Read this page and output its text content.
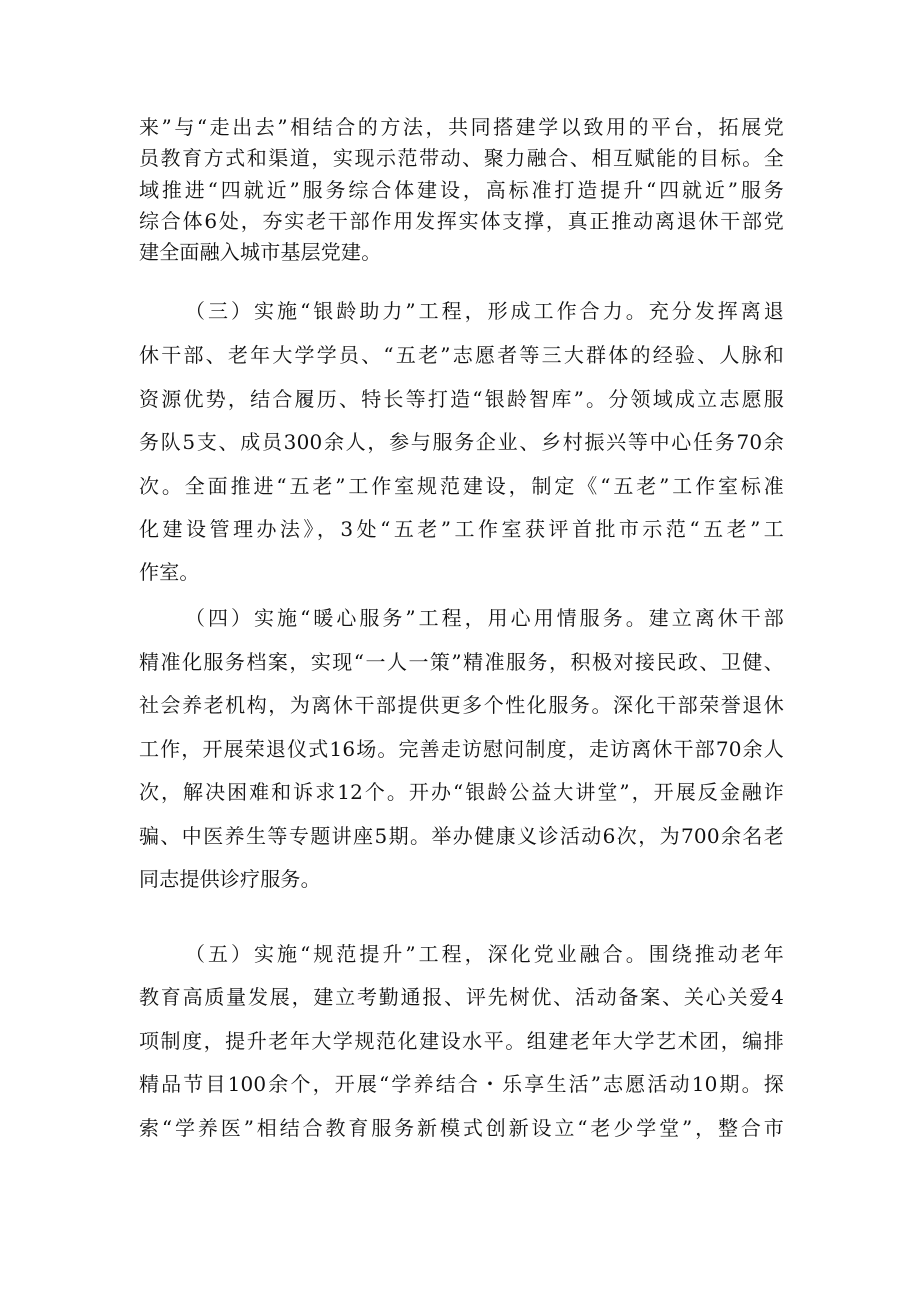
来”与“走出去”相结合的方法，共同搭建学以致用的平台，拓展党
员教育方式和渠道，实现示范带动、聚力融合、相互赋能的目标。全
域推进“四就近”服务综合体建设，高标准打造提升“四就近”服务
综合体6处，夯实老干部作用发挥实体支撑，真正推动离退休干部党
建全面融入城市基层党建。
（三）实施“银龄助力”工程，形成工作合力。充分发挥离退
休干部、老年大学学员、“五老”志愿者等三大群体的经验、人脉和
资源优势，结合履历、特长等打造“银龄智库”。分领域成立志愿服
务队5支、成员300余人，参与服务企业、乡村振兴等中心任务70余
次。全面推进“五老”工作室规范建设，制定《“五老”工作室标准
化建设管理办法》，3处“五老”工作室获评首批市示范“五老”工
作室。
（四）实施“暖心服务”工程，用心用情服务。建立离休干部
精准化服务档案，实现“一人一策”精准服务，积极对接民政、卫健、
社会养老机构，为离休干部提供更多个性化服务。深化干部荣誉退休
工作，开展荣退仪式16场。完善走访慰问制度，走访离休干部70余人
次，解决困难和诉求12个。开办“银龄公益大讲堂”，开展反金融诈
骗、中医养生等专题讲座5期。举办健康义诊活动6次，为700余名老
同志提供诊疗服务。
（五）实施“规范提升”工程，深化党业融合。围绕推动老年
教育高质量发展，建立考勤通报、评先树优、活动备案、关心关爱4
项制度，提升老年大学规范化建设水平。组建老年大学艺术团，编排
精品节目100余个，开展“学养结合・乐享生活”志愿活动10期。探
索“学养医”相结合教育服务新模式创新设立“老少学堂”，整合市
